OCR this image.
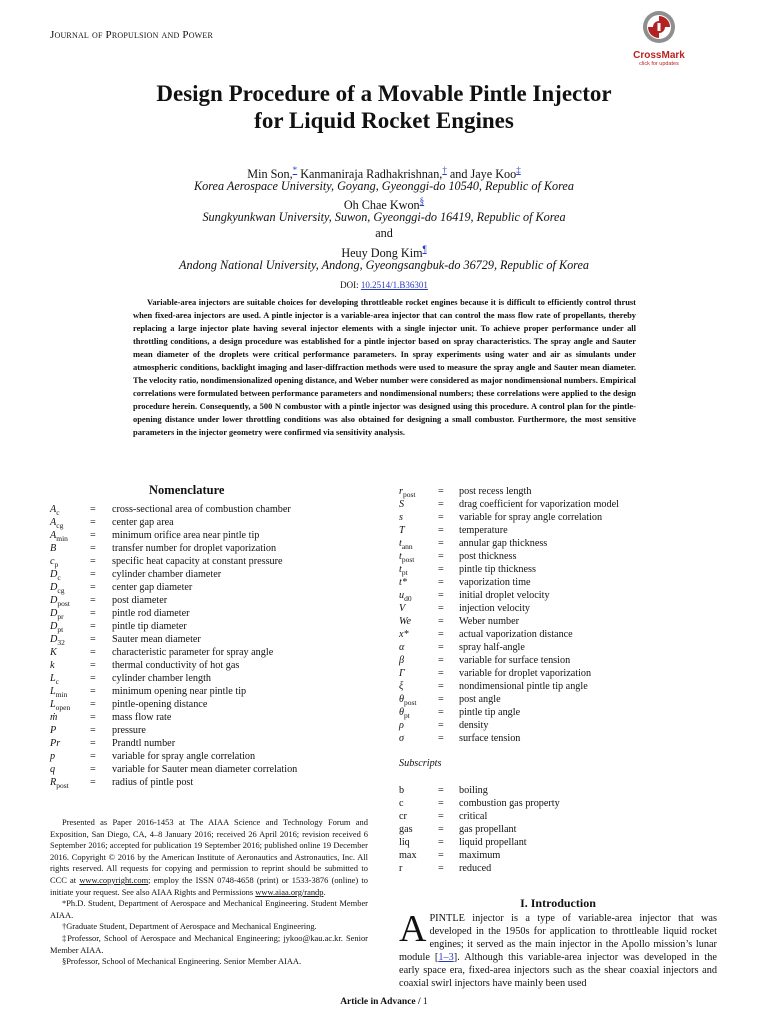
Journal of Propulsion and Power
CrossMark
click for updates
Design Procedure of a Movable Pintle Injector
for Liquid Rocket Engines
Min Son,* Kanmaniraja Radhakrishnan,† and Jaye Koo‡
Korea Aerospace University, Goyang, Gyeonggi-do 10540, Republic of Korea
Oh Chae Kwon§
Sungkyunkwan University, Suwon, Gyeonggi-do 16419, Republic of Korea
and
Heuy Dong Kim¶
Andong National University, Andong, Gyeongsangbuk-do 36729, Republic of Korea
DOI: 10.2514/1.B36301

Variable-area injectors are suitable choices for developing throttleable rocket engines because it is difficult to efficiently control thrust when fixed-area injectors are used. A pintle injector is a variable-area injector that can control the mass flow rate of propellants, thereby replacing a large injector plate having several injector elements with a single injector unit. To achieve proper performance under all throttling conditions, a design procedure was established for a pintle injector based on spray characteristics. The spray angle and Sauter mean diameter of the droplets were critical performance parameters. In spray experiments using water and air as simulants under atmospheric conditions, backlight imaging and laser-diffraction methods were used to measure the spray angle and Sauter mean diameter. The velocity ratio, nondimensionalized opening distance, and Weber number were considered as major nondimensional numbers. Empirical correlations were formulated between performance parameters and nondimensional numbers; these correlations were applied to the design procedure herein. Consequently, a 500 N combustor with a pintle injector was designed using this procedure. A control plan for the pintle-opening distance under lower throttling conditions was also obtained for designing a small combustor. Furthermore, the most sensitive parameters in the injector geometry were confirmed via sensitivity analysis.

Nomenclature
$A_c$	= cross-sectional area of combustion chamber
$A_{cg}$	= center gap area
$A_{min}$ = minimum orifice area near pintle tip
B	= transfer number for droplet vaporization
$c_p$	= specific heat capacity at constant pressure
$D_c$	= cylinder chamber diameter
$D_{cg}$	= center gap diameter
$D_{post}$ = post diameter
$D_{pr}$	= pintle rod diameter
$D_{pt}$	= pintle tip diameter
$D_{32}$ = Sauter mean diameter
K	= characteristic parameter for spray angle
k	= thermal conductivity of hot gas
$L_c$	= cylinder chamber length
$L_{min}$ = minimum opening near pintle tip
$L_{open}$ = pintle-opening distance
ṁ	= mass flow rate
P	= pressure
Pr	= Prandtl number
p	= variable for spray angle correlation
q	= variable for Sauter mean diameter correlation
$R_{post}$ = radius of pintle post
$r_{post}$ = post recess length
S	= drag coefficient for vaporization model
s	= variable for spray angle correlation
T	= temperature
$t_{ann}$ = annular gap thickness
$t_{post}$ = post thickness
$t_{pt}$	= pintle tip thickness
t*	= vaporization time
$u_{d0}$	= initial droplet velocity
V	= injection velocity
We	= Weber number
x*	= actual vaporization distance
α	= spray half-angle
β	= variable for surface tension
Γ	= variable for droplet vaporization
ξ	= nondimensional pintle tip angle
$\theta_{post}$ = post angle
$\theta_{pt}$	= pintle tip angle
ρ	= density
σ	= surface tension
Subscripts
b	= boiling
c	= combustion gas property
cr	= critical
gas = gas propellant
liq	= liquid propellant
max = maximum
r	= reduced

Presented as Paper 2016-1453 at The AIAA Science and Technology Forum and Exposition, San Diego, CA, 4–8 January 2016; received 26 April 2016; revision received 6 September 2016; accepted for publication 19 September 2016; published online 19 December 2016. Copyright © 2016 by the American Institute of Aeronautics and Astronautics, Inc. All rights reserved. All requests for copying and permission to reprint should be submitted to CCC at www.copyright.com; employ the ISSN 0748-4658 (print) or 1533-3876 (online) to initiate your request. See also AIAA Rights and Permissions www.aiaa.org/randp.

*Ph.D. Student, Department of Aerospace and Mechanical Engineering. Student Member AIAA.

†Graduate Student, Department of Aerospace and Mechanical Engineering.

‡Professor, School of Aerospace and Mechanical Engineering; jykoo@kau.ac.kr. Senior Member AIAA.

§Professor, School of Mechanical Engineering. Senior Member AIAA.

I. Introduction
APINTLE injector is a type of variable-area injector that was developed in the 1950s for application to throttleable liquid rocket engines; it served as the main injector in the Apollo mission’s lunar module [1–3]. Although this variable-area injector was developed in the early space era, fixed-area injectors such as the shear coaxial injectors and coaxial swirl injectors have mainly been used
Article in Advance / 1
